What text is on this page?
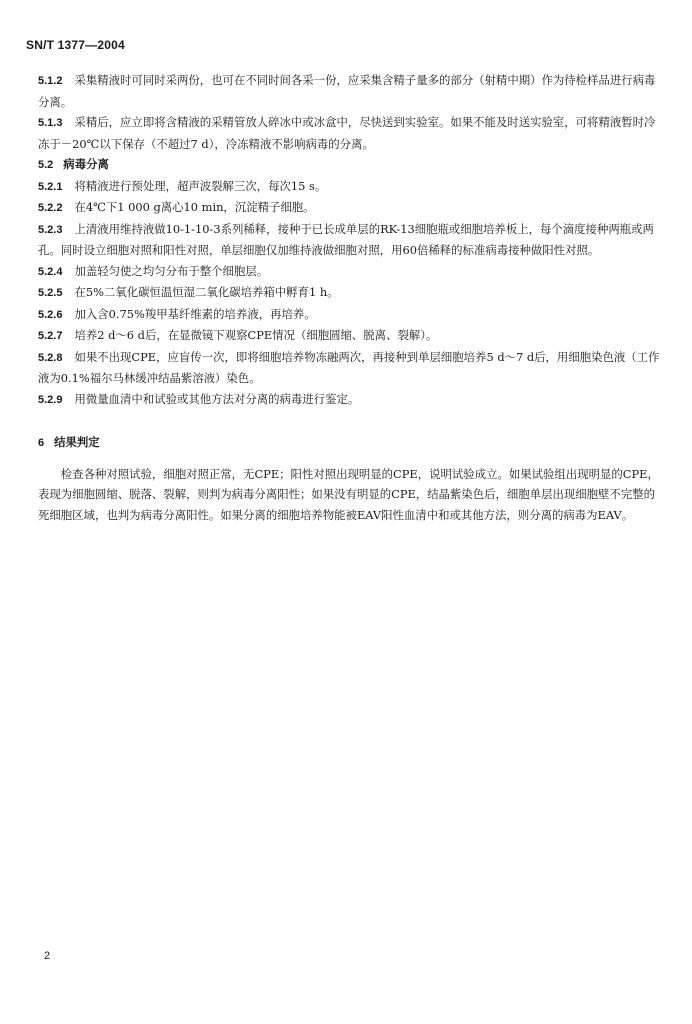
SN/T 1377—2004

5.1.2 采集精液时可同时采两份，也可在不同时间各采一份，应采集含精子量多的部分（射精中期）作为待检样品进行病毒分离。

5.1.3 采精后，应立即将含精液的采精管放人碎冰中或冰盒中，尽快送到实验室。如果不能及时送实验室，可将精液暂时冷冻于－20℃以下保存（不超过7 d），冷冻精液不影响病毒的分离。

5.2 病毒分离

5.2.1 将精液进行预处理，超声波裂解三次，每次15 s。

5.2.2 在4℃下1 000 g离心10 min，沉淀精子细胞。

5.2.3 上清液用维持液做10-1-10-3系列稀释，接种于已长成单层的RK-13细胞瓶或细胞培养板上，每个滴度接种两瓶或两孔。同时设立细胞对照和阳性对照，单层细胞仅加维持液做细胞对照，用60倍稀释的标准病毒接种做阳性对照。

5.2.4 加盖轻匀使之均匀分布于整个细胞层。

5.2.5 在5%二氧化碳恒温恒湿二氧化碳培养箱中孵育1 h。

5.2.6 加入含0.75%羧甲基纤维素的培养液，再培养。

5.2.7 培养2 d～6 d后，在显微镜下观察CPE情况（细胞圆缩、脱离、裂解）。

5.2.8 如果不出现CPE，应盲传一次，即将细胞培养物冻融两次，再接种到单层细胞培养5 d～7 d后，用细胞染色液（工作液为0.1%福尔马林缓冲结晶紫溶液）染色。

5.2.9 用微量血清中和试验或其他方法对分离的病毒进行鉴定。

6 结果判定

检查各种对照试验，细胞对照正常，无CPE；阳性对照出现明显的CPE，说明试验成立。如果试验组出现明显的CPE，表现为细胞圆缩、脱落、裂解，则判为病毒分离阳性；如果没有明显的CPE，结晶紫染色后，细胞单层出现细胞壁不完整的死细胞区域，也判为病毒分离阳性。如果分离的细胞培养物能被EAV阳性血清中和或其他方法，则分离的病毒为EAV。

2
